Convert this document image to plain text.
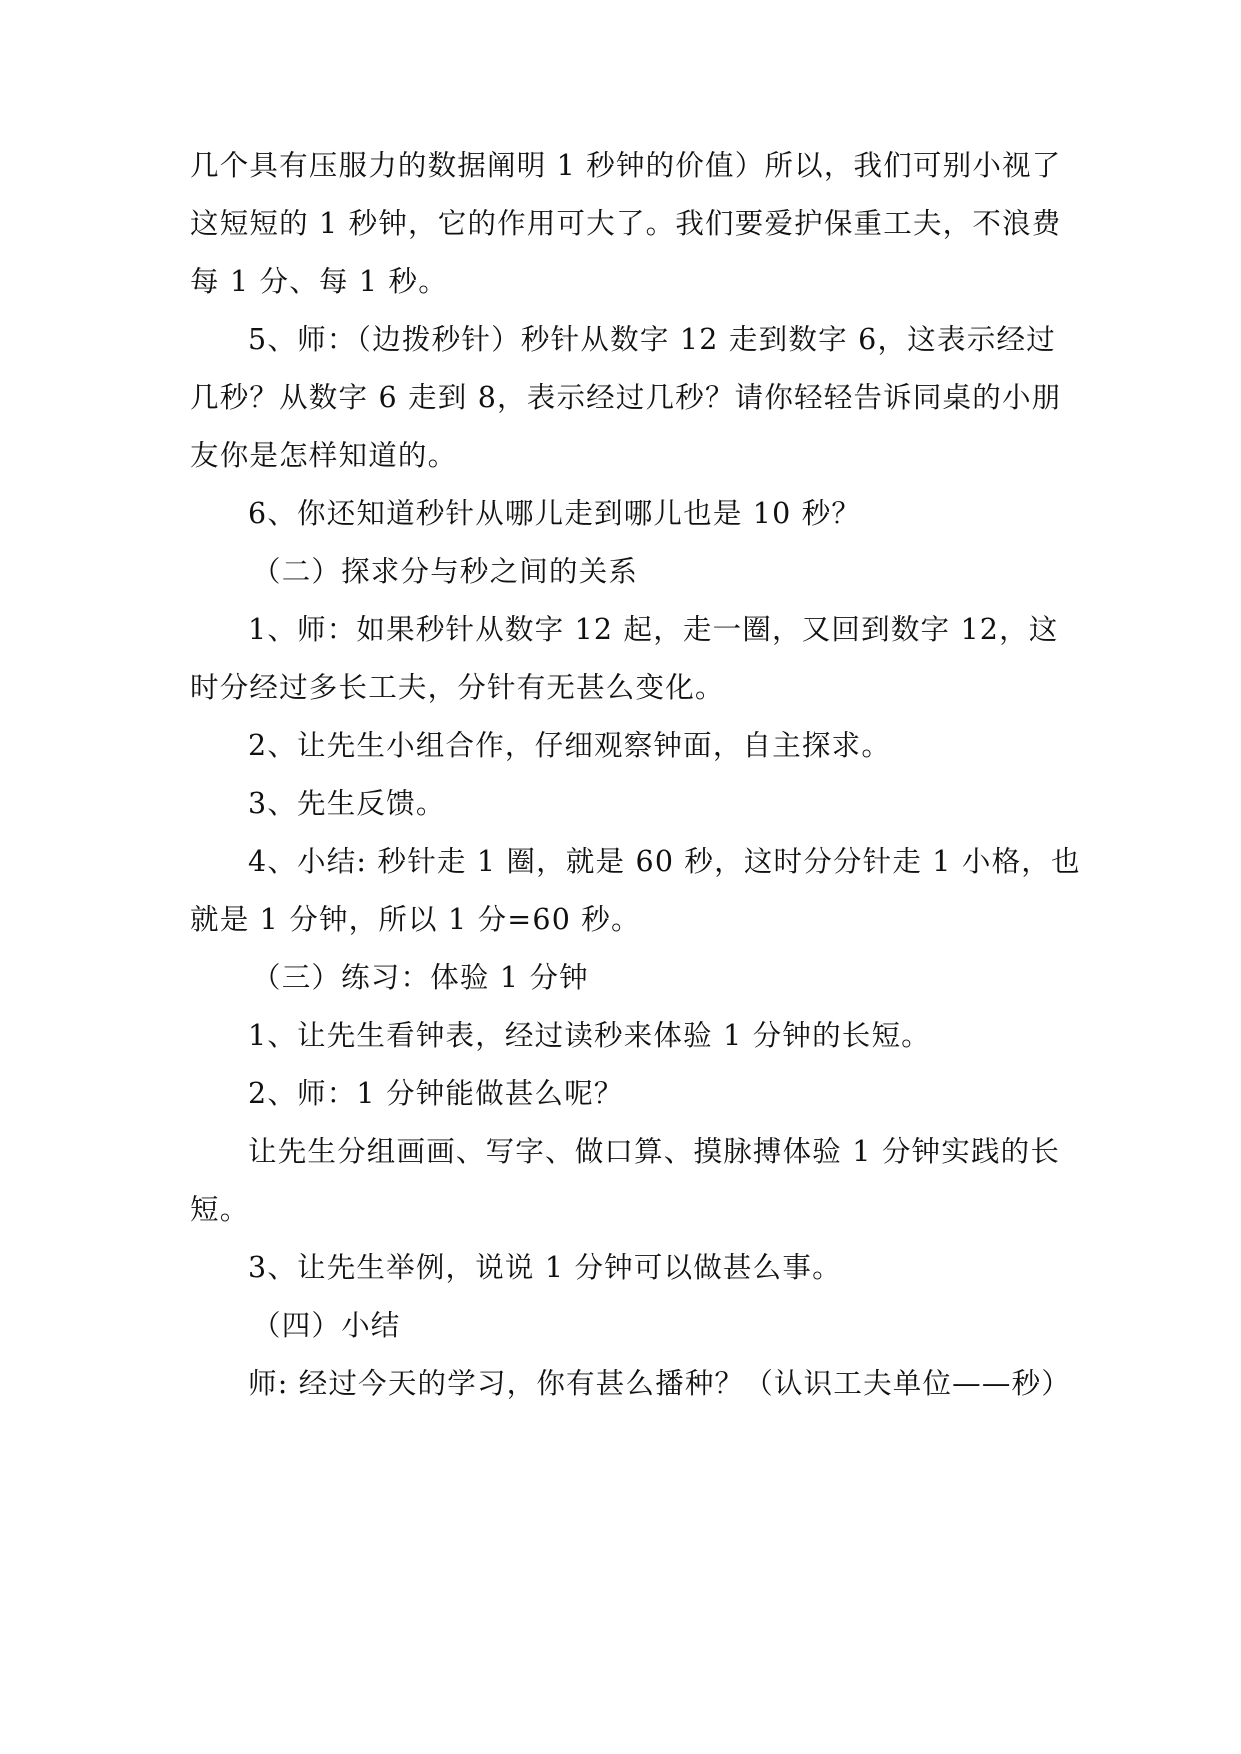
几个具有压服力的数据阐明 1 秒钟的价值）所以，我们可别小视了
这短短的 1 秒钟，它的作用可大了。我们要爱护保重工夫，不浪费
每 1 分、每 1 秒。
5、师：（边拨秒针）秒针从数字 12 走到数字 6，这表示经过
几秒？从数字 6 走到 8，表示经过几秒？请你轻轻告诉同桌的小朋
友你是怎样知道的。
6、你还知道秒针从哪儿走到哪儿也是 10 秒？
（二）探求分与秒之间的关系
1、师：如果秒针从数字 12 起，走一圈，又回到数字 12，这
时分经过多长工夫，分针有无甚么变化。
2、让先生小组合作，仔细观察钟面，自主探求。
3、先生反馈。
4、小结: 秒针走 1 圈，就是 60 秒，这时分分针走 1 小格，也
就是 1 分钟，所以 1 分=60 秒。
（三）练习：体验 1 分钟
1、让先生看钟表，经过读秒来体验 1 分钟的长短。
2、师：1 分钟能做甚么呢？
让先生分组画画、写字、做口算、摸脉搏体验 1 分钟实践的长
短。
3、让先生举例，说说 1 分钟可以做甚么事。
（四）小结
师: 经过今天的学习，你有甚么播种？（认识工夫单位——秒）
